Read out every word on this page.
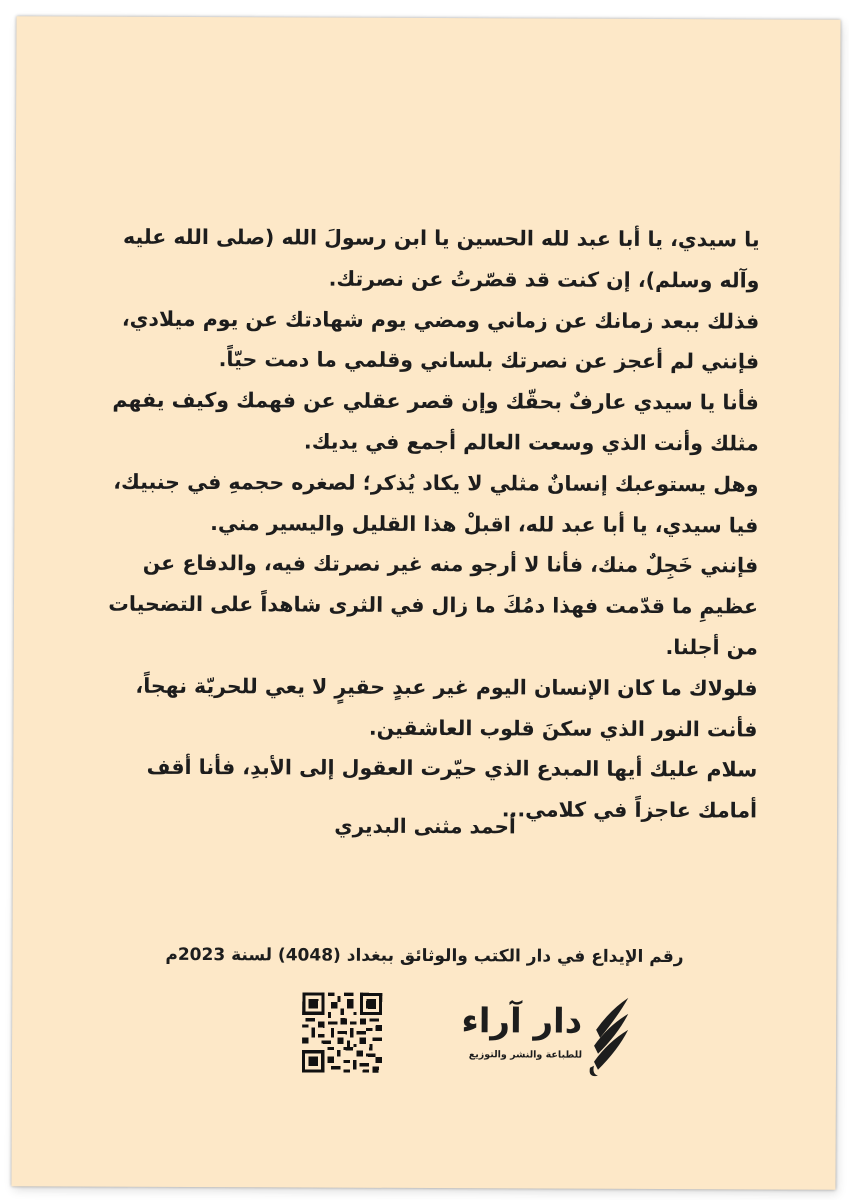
يا سيدي، يا أبا عبد لله الحسين يا ابن رسولَ الله (صلى الله عليه وآله وسلم)، إن كنت قد قصّرتُ عن نصرتك.

فذلك ببعد زمانك عن زماني ومضي يوم شهادتك عن يوم ميلادي، فإنني لم أعجز عن نصرتك بلساني وقلمي ما دمت حيّاً.

فأنا يا سيدي عارفٌ بحقّك وإن قصر عقلي عن فهمك وكيف يفهم مثلك وأنت الذي وسعت العالم أجمع في يديك.

وهل يستوعبك إنسانٌ مثلي لا يكاد يُذكر؛ لصغره حجمهِ في جنبيك، فيا سيدي، يا أبا عبد لله، اقبلْ هذا القليل واليسير مني.

فإنني خَجِلٌ منك، فأنا لا أرجو منه غير نصرتك فيه، والدفاع عن عظيمِ ما قدّمت فهذا دمُكَ ما زال في الثرى شاهداً على التضحيات من أجلنا.

فلولاك ما كان الإنسان اليوم غير عبدٍ حقيرٍ لا يعي للحريّة نهجاً، فأنت النور الذي سكنَ قلوب العاشقين.

سلام عليك أيها المبدع الذي حيّرت العقول إلى الأبدِ، فأنا أقف أمامك عاجزاً في كلامي...

أحمد مثنى البديري
رقم الإيداع في دار الكتب والوثائق ببغداد (4048) لسنة 2023م
دار آراء
للطباعة والنشر والتوزيع
